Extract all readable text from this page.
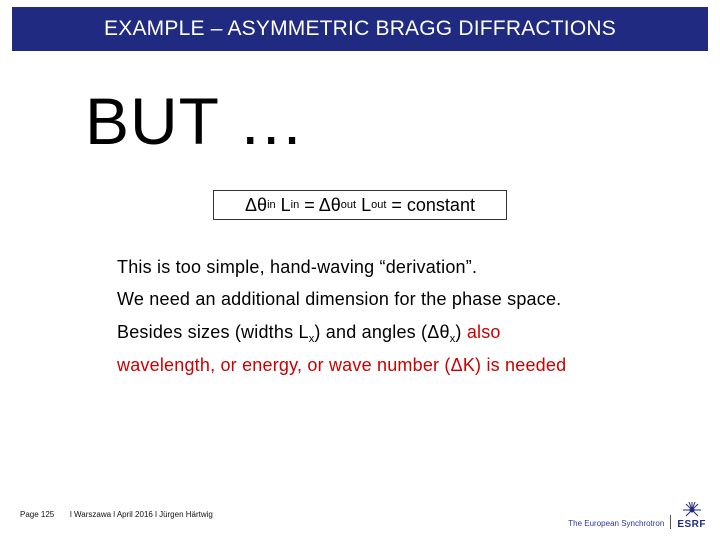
EXAMPLE – ASYMMETRIC BRAGG DIFFRACTIONS
BUT …
Δθ in L in = Δθ out L out = constant
This is too simple, hand-waving “derivation”.
We need an additional dimension for the phase space.
Besides sizes (widths $L_x$) and angles $(\Delta\theta_x)$ also
wavelength, or energy, or wave number (ΔK) is needed
Page 125 l Warszawa l April 2016 l Jürgen Härtwig
The European Synchrotron ESRF
